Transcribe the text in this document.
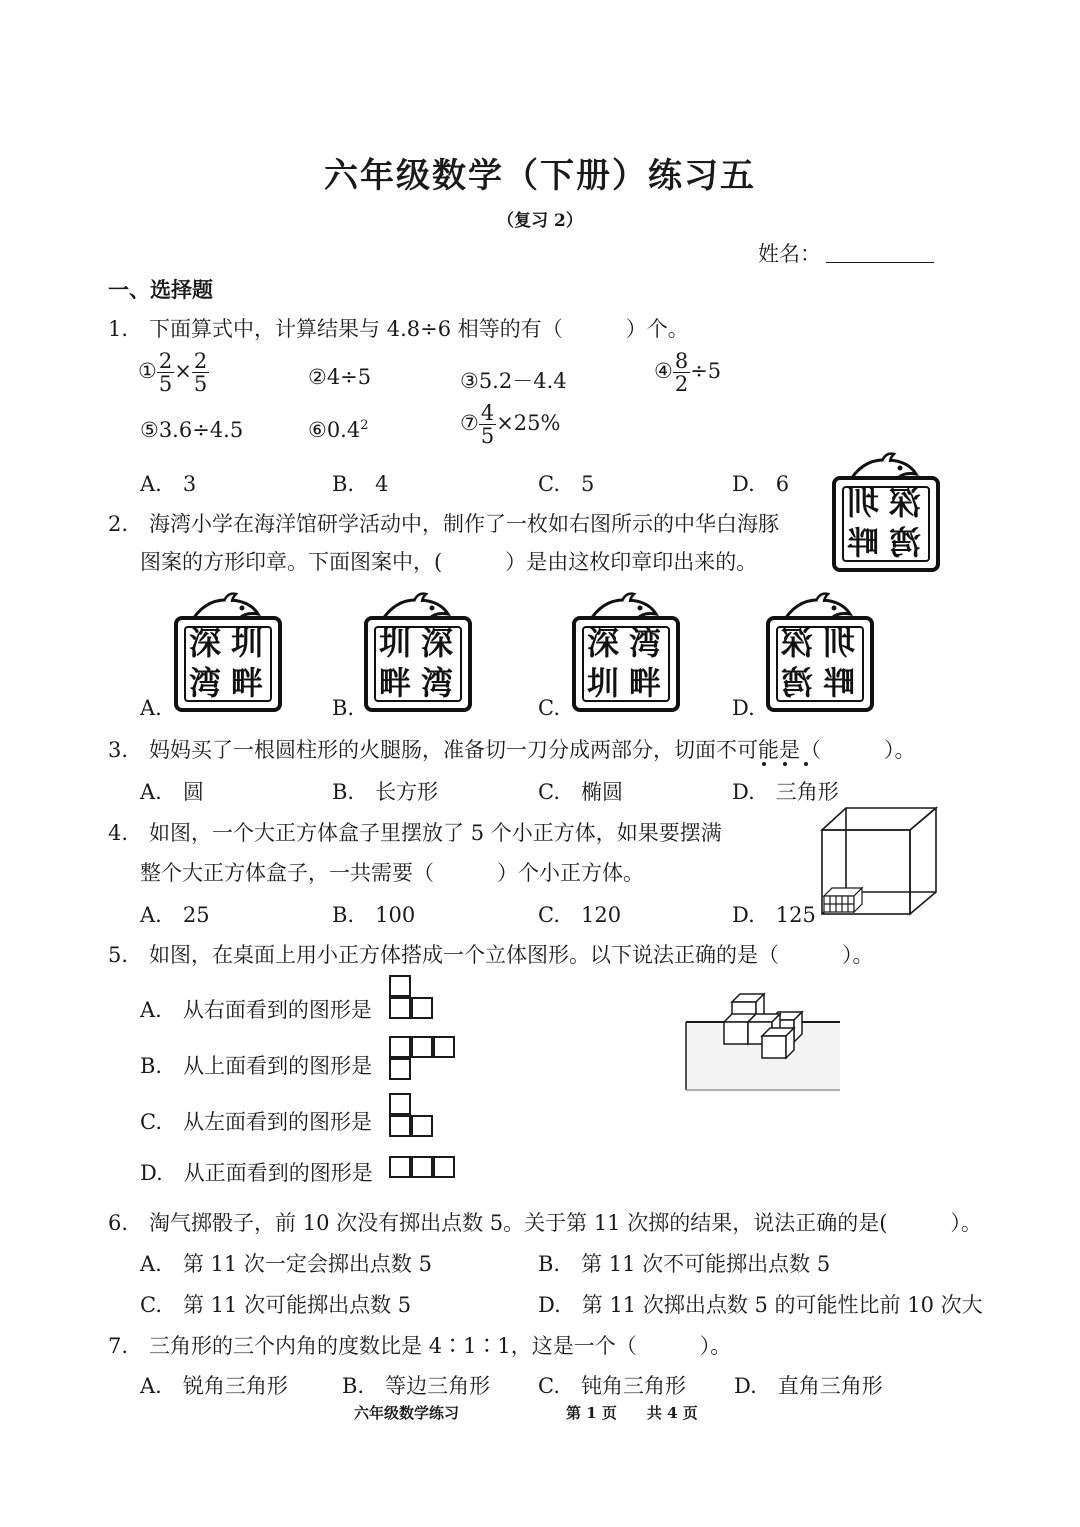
六年级数学（下册）练习五
（复习 2）
姓名：
一、选择题
1.　下面算式中，计算结果与 4.8÷6 相等的有（　　　）个。
① $\frac{2}{5} \times \frac{2}{5}$	②4÷5	③5.2－4.4	④ $\frac{8}{2} \div 5$
⑤3.6÷4.5	$⑥0.4^2$	⑦ $\frac{4}{5} \times 25\%$
A.　3	B.　4	C.　5	D.　6
2.　海湾小学在海洋馆研学活动中，制作了一枚如右图所示的中华白海豚
图案的方形印章。下面图案中，(　　　）是由这枚印章印出来的。
圳 深
畔 湾
A.
深 圳
湾 畔
B.
圳 深
畔 湾
C.
深 湾
圳 畔
D.
深 圳
湾 畔
3.　妈妈买了一根圆柱形的火腿肠，准备切一刀分成两部分，切面不可能是（　　　）。
A.　圆	B.　长方形	C.　椭圆	D.　三角形
4.　如图，一个大正方体盒子里摆放了 5 个小正方体，如果要摆满
整个大正方体盒子，一共需要（　　　）个小正方体。
A.　25	B.　100	C.　120	D.　125
5.　如图，在桌面上用小正方体搭成一个立体图形。以下说法正确的是（　　　）。
A.　从右面看到的图形是
B.　从上面看到的图形是
C.　从左面看到的图形是
D.　从正面看到的图形是
6.　淘气掷骰子，前 10 次没有掷出点数 5。关于第 11 次掷的结果，说法正确的是(　　　）。
A.　第 11 次一定会掷出点数 5	B.　第 11 次不可能掷出点数 5
C.　第 11 次可能掷出点数 5	D.　第 11 次掷出点数 5 的可能性比前 10 次大
7.　三角形的三个内角的度数比是 4∶1∶1，这是一个（　　　）。
A.　锐角三角形	B.　等边三角形 C.　钝角三角形 D.　直角三角形
六年级数学练习	第 1 页　　共 4 页
